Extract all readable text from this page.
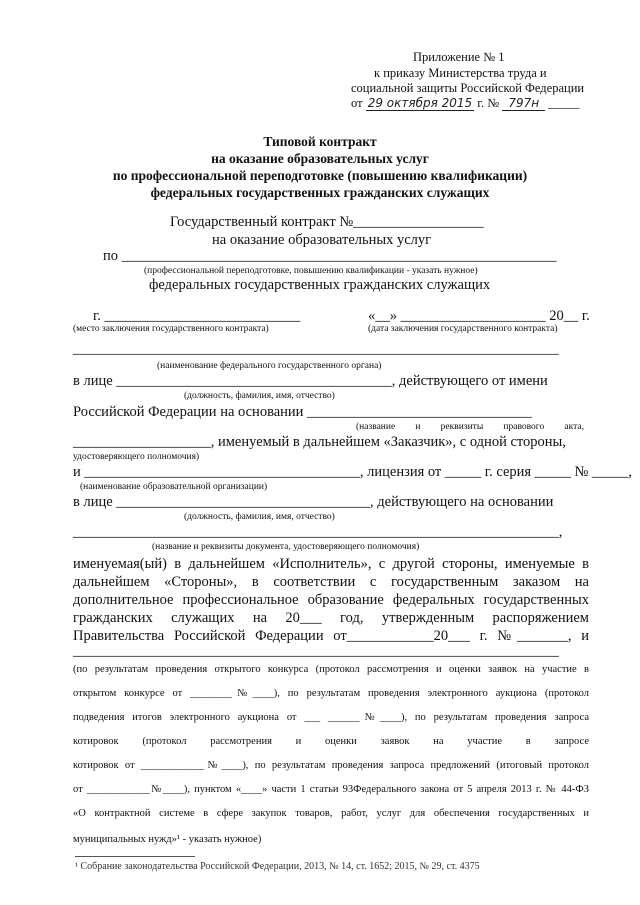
Приложение № 1
к приказу Министерства труда и
социальной защиты Российской Федерации
от 29 октября 2015 г. № 797н _____
Типовой контракт
на оказание образовательных услуг
по профессиональной переподготовке (повышению квалификации)
федеральных государственных гражданских служащих
Государственный контракт №__________________
на оказание образовательных услуг
по ____________________________________________________________
(профессиональной переподготовке, повышению квалификации - указать нужное)
федеральных государственных гражданских служащих
г. ___________________________	«__» ____________________ 20__ г.
(место заключения государственного контракта)	(дата заключения государственного контракта)
___________________________________________________________________
(наименование федерального государственного органа)
в лице ______________________________________, действующего от имени
(должность, фамилия, имя, отчество)
Российской Федерации на основании _______________________________
(название и реквизиты правового акта,
___________________, именуемый в дальнейшем «Заказчик», с одной стороны,
удостоверяющего полномочия)
и ______________________________________, лицензия от _____ г. серия _____ № _____,
(наименование образовательной организации)
в лице ___________________________________, действующего на основании
(должность, фамилия, имя, отчество)
___________________________________________________________________,
(название и реквизиты документа, удостоверяющего полномочия)
именуемая(ый) в дальнейшем «Исполнитель», с другой стороны, именуемые в
дальнейшем «Стороны», в соответствии с государственным заказом на
дополнительное профессиональное образование федеральных государственных
гражданских служащих на 20___ год, утвержденным распоряжением
Правительства Российской Федерации от____________20___ г. №_______, и
___________________________________________________________________
(по результатам проведения открытого конкурса (протокол рассмотрения и оценки заявок на участие в
открытом конкурсе от ________№____), по результатам проведения электронного аукциона (протокол
подведения итогов электронного аукциона от ___ ______№____), по результатам проведения запроса
котировок (протокол рассмотрения и оценки заявок на участие в запросе
котировок от ____________№____), по результатам проведения запроса предложений (итоговый протокол
от ____________№____), пунктом «____» части 1 статьи 93Федерального закона от 5 апреля 2013 г. № 44-ФЗ
«О контрактной системе в сфере закупок товаров, работ, услуг для обеспечения государственных и
муниципальных нужд»¹ - указать нужное)
¹ Собрание законодательства Российской Федерации, 2013, № 14, ст. 1652; 2015, № 29, ст. 4375
